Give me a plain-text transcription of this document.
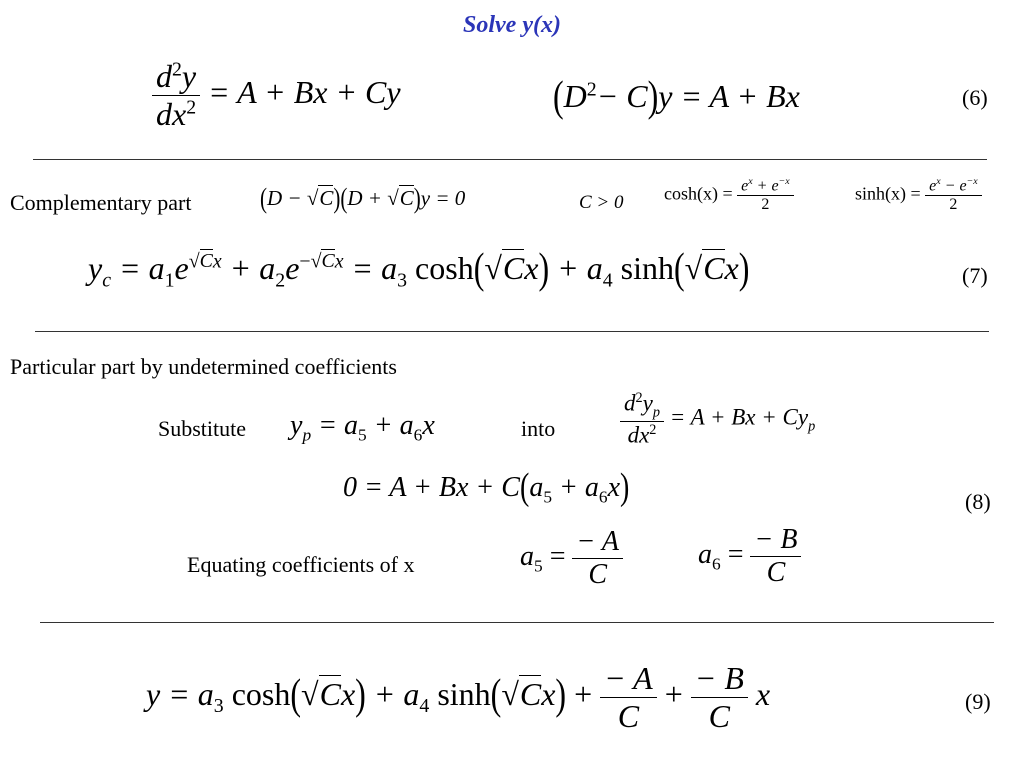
Solve y(x)
$\frac{d^2y}{dx^2} = A + Bx + Cy$	$(D^2- C)y = A + Bx$	(6)
Complementary part	(D − √C)(D + √C)y = 0	C > 0 $\cosh(x) = \frac{e^x + e^{-x}}{2}$	$\sinh(x) = \frac{e^x - e^{-x}}{2}$
$y_c = a_1e^{√Cx} + a_2e^{-√Cx} = a_3$ $\cosh(√Cx) + a_4$ sinh(√Cx)	(7)
Particular part by undetermined coefficients
Substitute $y_p = a_5 + a_6x$	into	$\frac{d^2y_p}{dx^2} = A + Bx + Cy_p$
$0 = A + Bx + C(a_5 + a_6x)$	(8)
Equating coefficients of x	$a_5 = \frac{- A}{C}$	$a_6 = \frac{- B}{C}$
$y = a_3$ $\cosh(√Cx) + a_4$ $\sinh(√Cx) + \frac{- A}{C} + \frac{- B}{C}$ x	(9)
